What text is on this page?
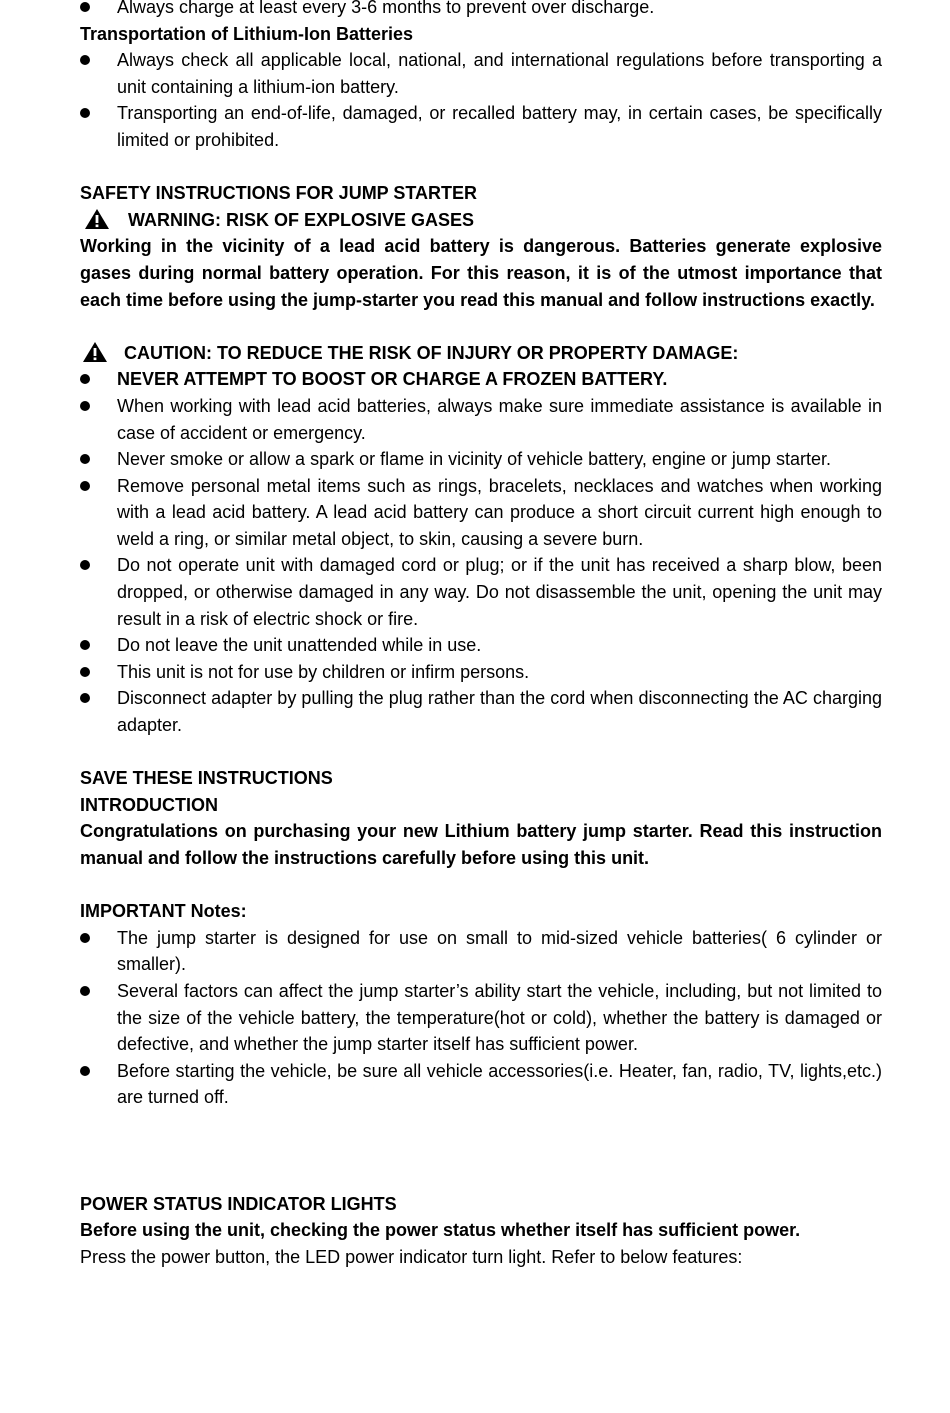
Always charge at least every 3-6 months to prevent over discharge.

Transportation of Lithium-Ion Batteries

Always check all applicable local, national, and international regulations before transporting a unit containing a lithium-ion battery.

Transporting an end-of-life, damaged, or recalled battery may, in certain cases, be specifically limited or prohibited.

SAFETY INSTRUCTIONS FOR JUMP STARTER

WARNING: RISK OF EXPLOSIVE GASES

Working in the vicinity of a lead acid battery is dangerous. Batteries generate explosive gases during normal battery operation. For this reason, it is of the utmost importance that each time before using the jump-starter you read this manual and follow instructions exactly.

CAUTION: TO REDUCE THE RISK OF INJURY OR PROPERTY DAMAGE:

NEVER ATTEMPT TO BOOST OR CHARGE A FROZEN BATTERY.

When working with lead acid batteries, always make sure immediate assistance is available in case of accident or emergency.

Never smoke or allow a spark or flame in vicinity of vehicle battery, engine or jump starter.

Remove personal metal items such as rings, bracelets, necklaces and watches when working with a lead acid battery. A lead acid battery can produce a short circuit current high enough to weld a ring, or similar metal object, to skin, causing a severe burn.

Do not operate unit with damaged cord or plug; or if the unit has received a sharp blow, been dropped, or otherwise damaged in any way. Do not disassemble the unit, opening the unit may result in a risk of electric shock or fire.

Do not leave the unit unattended while in use.

This unit is not for use by children or infirm persons.

Disconnect adapter by pulling the plug rather than the cord when disconnecting the AC charging adapter.

SAVE THESE INSTRUCTIONS

INTRODUCTION

Congratulations on purchasing your new Lithium battery jump starter. Read this instruction manual and follow the instructions carefully before using this unit.

IMPORTANT Notes:

The jump starter is designed for use on small to mid-sized vehicle batteries( 6 cylinder or smaller).

Several factors can affect the jump starter’s ability start the vehicle, including, but not limited to the size of the vehicle battery, the temperature(hot or cold), whether the battery is damaged or defective, and whether the jump starter itself has sufficient power.

Before starting the vehicle, be sure all vehicle accessories(i.e. Heater, fan, radio, TV, lights,etc.) are turned off.

POWER STATUS INDICATOR LIGHTS

Before using the unit, checking the power status whether itself has sufficient power.

Press the power button, the LED power indicator turn light. Refer to below features:
